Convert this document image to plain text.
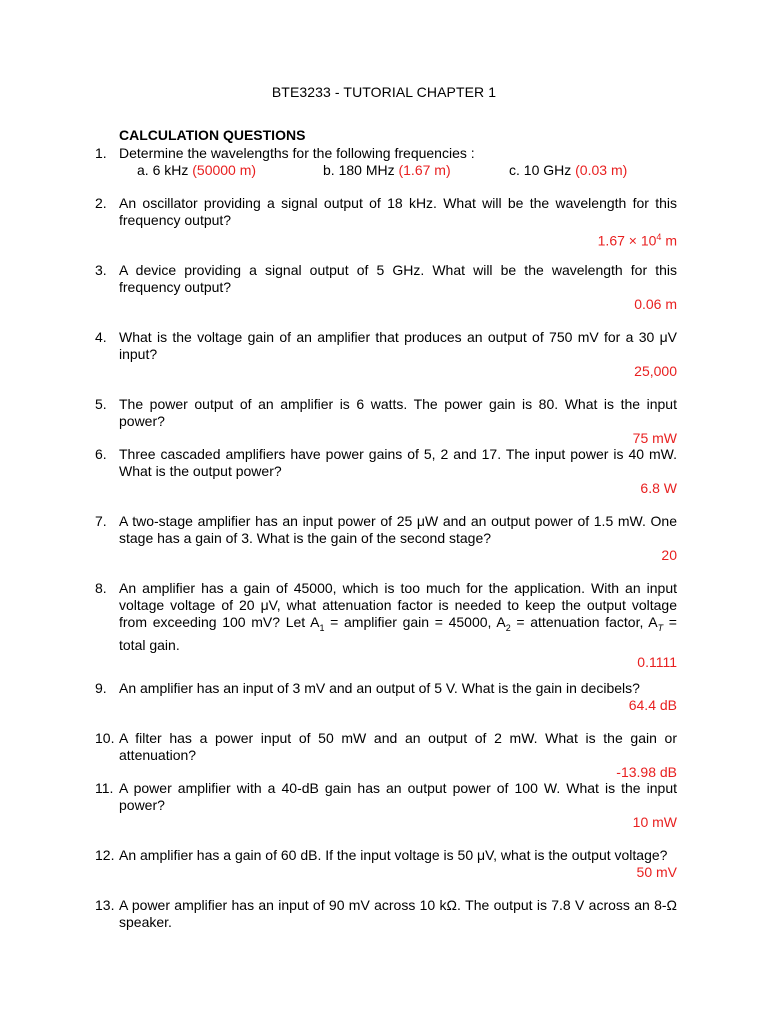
BTE3233 - TUTORIAL CHAPTER 1
CALCULATION QUESTIONS
1. Determine the wavelengths for the following frequencies :
a. 6 kHz (50000 m)	b. 180 MHz (1.67 m)	c. 10 GHz (0.03 m)
2. An oscillator providing a signal output of 18 kHz. What will be the wavelength for this frequency output?
$1.67 \times 10^4$ m
3. A device providing a signal output of 5 GHz. What will be the wavelength for this frequency output?
0.06 m
4. What is the voltage gain of an amplifier that produces an output of 750 mV for a 30 μV input?
25,000
5. The power output of an amplifier is 6 watts. The power gain is 80. What is the input power?
75 mW
6. Three cascaded amplifiers have power gains of 5, 2 and 17. The input power is 40 mW. What is the output power?
6.8 W
7. A two-stage amplifier has an input power of 25 μW and an output power of 1.5 mW. One stage has a gain of 3. What is the gain of the second stage?
20
8. An amplifier has a gain of 45000, which is too much for the application. With an input voltage voltage of 20 μV, what attenuation factor is needed to keep the output voltage from exceeding 100 mV? Let $A_1$ = amplifier gain = 45000, $A_2$ = attenuation factor, $A_T$ = total gain.
0.1111
9. An amplifier has an input of 3 mV and an output of 5 V. What is the gain in decibels?
64.4 dB
10. A filter has a power input of 50 mW and an output of 2 mW. What is the gain or attenuation?
-13.98 dB
11. A power amplifier with a 40-dB gain has an output power of 100 W. What is the input power?
10 mW
12. An amplifier has a gain of 60 dB. If the input voltage is 50 μV, what is the output voltage?
50 mV
13. A power amplifier has an input of 90 mV across 10 kΩ. The output is 7.8 V across an 8-Ω speaker.
